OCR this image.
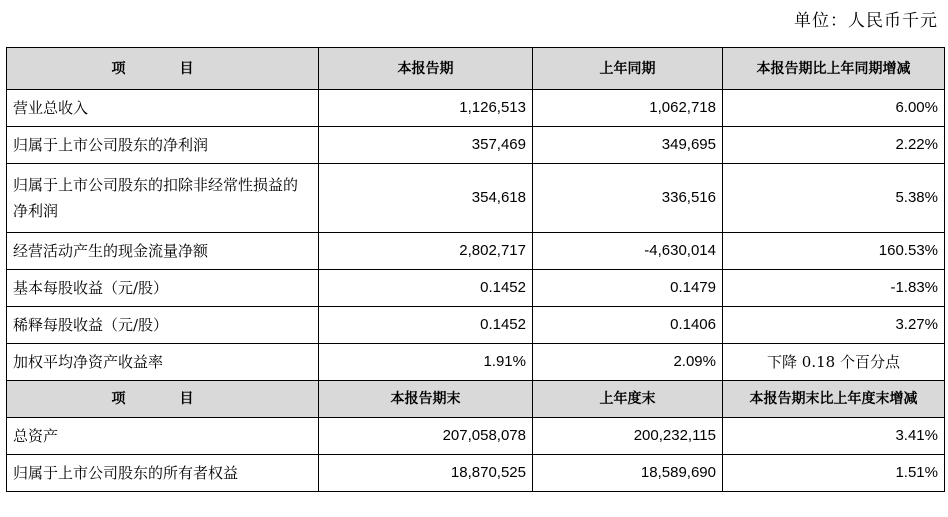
单位：人民币千元
项　目	本报告期	上年同期	本报告期比上年同期增减
营业总收入	1,126,513	1,062,718	6.00%
归属于上市公司股东的净利润	357,469	349,695	2.22%
归属于上市公司股东的扣除非经常性损益的净利润	354,618	336,516	5.38%
经营活动产生的现金流量净额	2,802,717	-4,630,014	160.53%
基本每股收益（元/股）	0.1452	0.1479	-1.83%
稀释每股收益（元/股）	0.1452	0.1406	3.27%
加权平均净资产收益率	1.91%	2.09%	下降 0.18 个百分点
项　目	本报告期末	上年度末	本报告期末比上年度末增减
总资产	207,058,078	200,232,115	3.41%
归属于上市公司股东的所有者权益	18,870,525	18,589,690	1.51%
